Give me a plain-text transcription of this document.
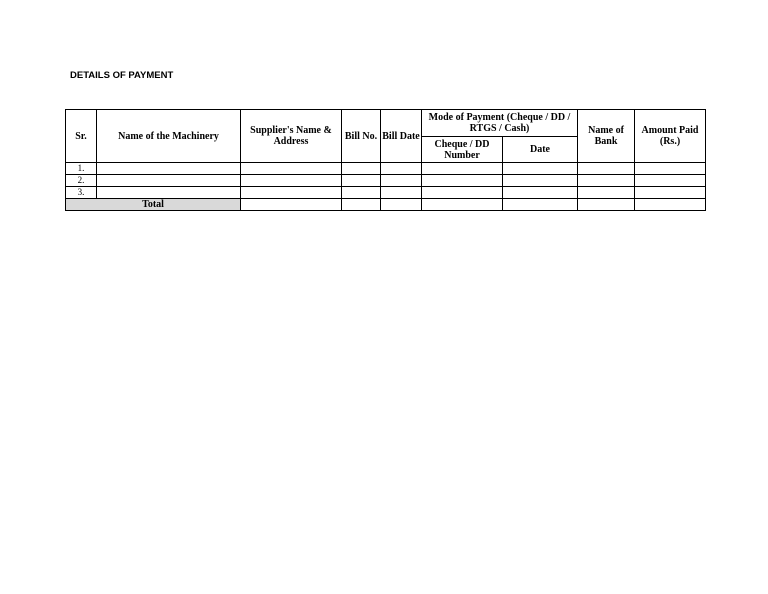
DETAILS OF PAYMENT
Sr.	Name of the Machinery	Supplier's Name & Address	Bill No.	Bill Date	Mode of Payment (Cheque / DD / RTGS / Cash)		Name of Bank	Amount Paid (Rs.)
					Cheque / DD Number	Date		
1.								
2.								
3.								
Total								
